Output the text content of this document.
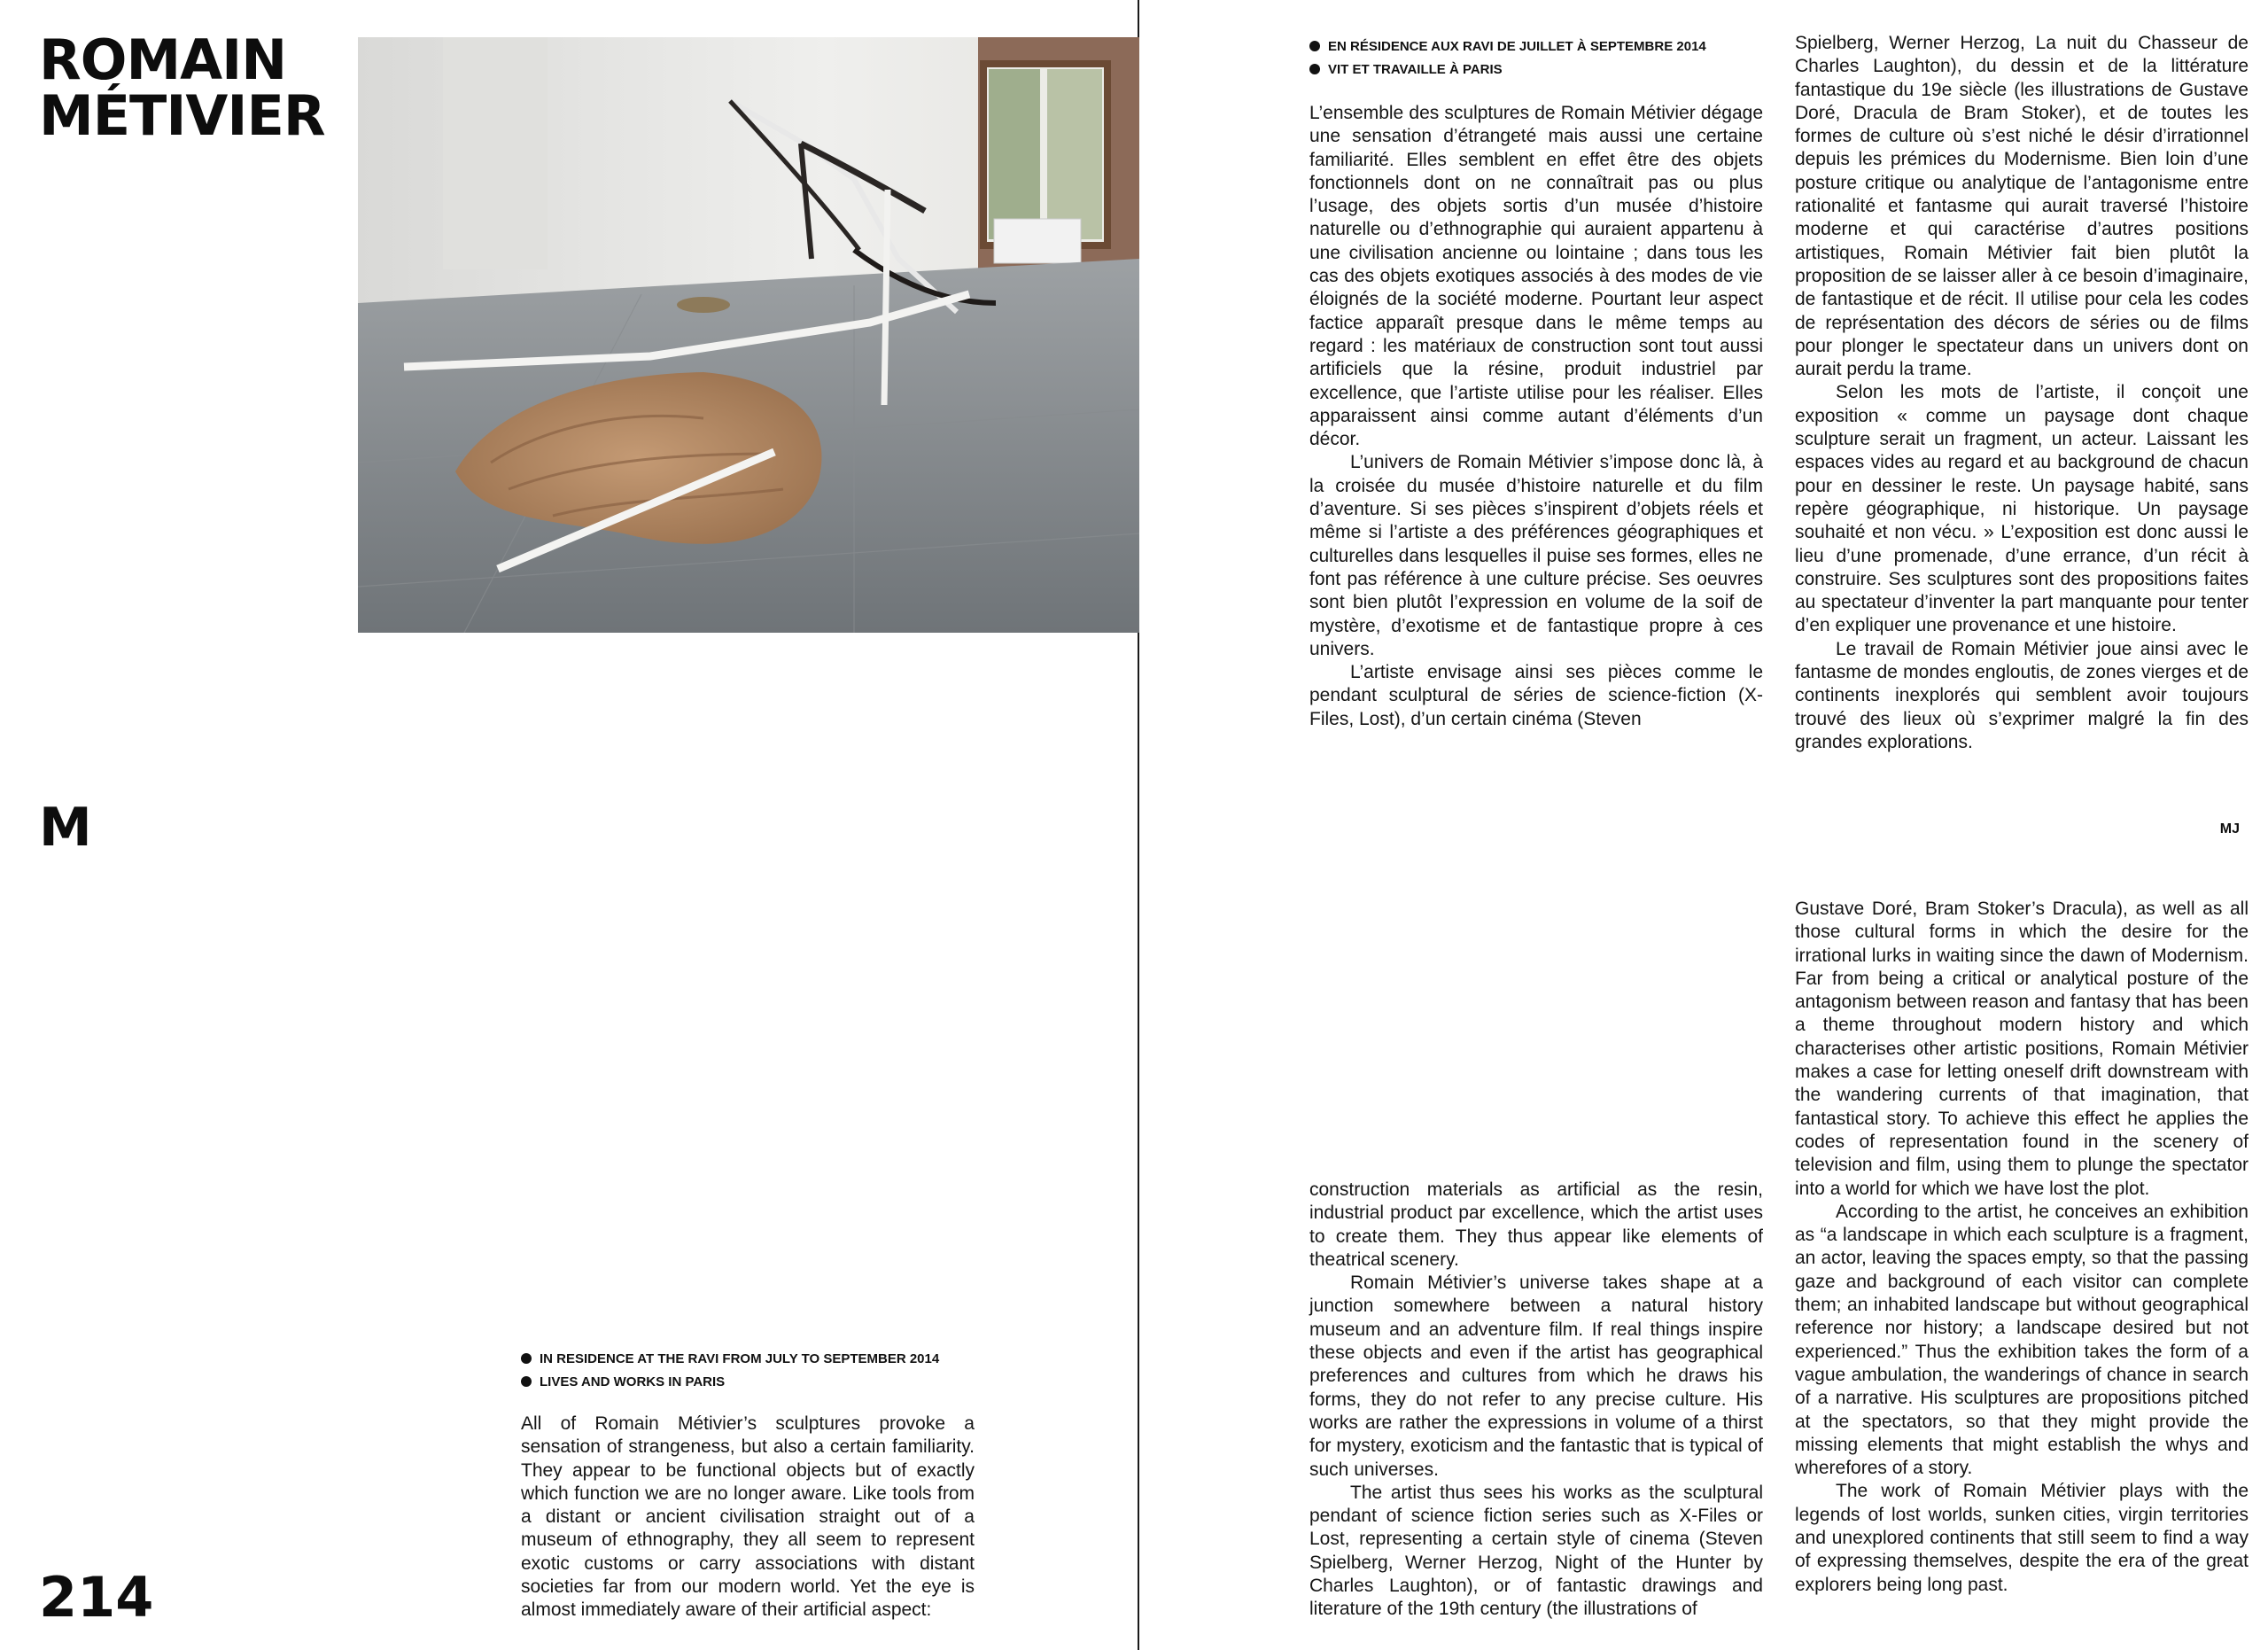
ROMAIN
MÉTIVIER
EN RÉSIDENCE AUX RAVI DE JUILLET À SEPTEMBRE 2014
VIT ET TRAVAILLE À PARIS

L’ensemble des sculptures de Romain Métivier dégage une sensation d’étrangeté mais aussi une certaine familiarité. Elles semblent en effet être des objets fonctionnels dont on ne connaîtrait pas ou plus l’usage, des objets sortis d’un musée d’histoire naturelle ou d’ethnographie qui auraient appartenu à une civilisation ancienne ou lointaine ; dans tous les cas des objets exotiques associés à des modes de vie éloignés de la société moderne. Pourtant leur aspect factice apparaît presque dans le même temps au regard : les matériaux de construction sont tout aussi artificiels que la résine, produit industriel par excellence, que l’artiste utilise pour les réaliser. Elles apparaissent ainsi comme autant d’éléments d’un décor.

L’univers de Romain Métivier s’impose donc là, à la croisée du musée d’histoire naturelle et du film d’aventure. Si ses pièces s’inspirent d’objets réels et même si l’artiste a des préférences géographiques et culturelles dans lesquelles il puise ses formes, elles ne font pas référence à une culture précise. Ses oeuvres sont bien plutôt l’expression en volume de la soif de mystère, d’exotisme et de fantastique propre à ces univers.

L’artiste envisage ainsi ses pièces comme le pendant sculptural de séries de science-fiction (X-Files, Lost), d’un certain cinéma (Steven

Spielberg, Werner Herzog, La nuit du Chasseur de Charles Laughton), du dessin et de la littérature fantastique du 19e siècle (les illustrations de Gustave Doré, Dracula de Bram Stoker), et de toutes les formes de culture où s’est niché le désir d’irrationnel depuis les prémices du Modernisme. Bien loin d’une posture critique ou analytique de l’antagonisme entre rationalité et fantasme qui aurait traversé l’histoire moderne et qui caractérise d’autres positions artistiques, Romain Métivier fait bien plutôt la proposition de se laisser aller à ce besoin d’imaginaire, de fantastique et de récit. Il utilise pour cela les codes de représentation des décors de séries ou de films pour plonger le spectateur dans un univers dont on aurait perdu la trame.

Selon les mots de l’artiste, il conçoit une exposition « comme un paysage dont chaque sculpture serait un fragment, un acteur. Laissant les espaces vides au regard et au background de chacun pour en dessiner le reste. Un paysage habité, sans repère géographique, ni historique. Un paysage souhaité et non vécu. » L’exposition est donc aussi le lieu d’une promenade, d’une errance, d’un récit à construire. Ses sculptures sont des propositions faites au spectateur d’inventer la part manquante pour tenter d’en expliquer une provenance et une histoire.

Le travail de Romain Métivier joue ainsi avec le fantasme de mondes engloutis, de zones vierges et de continents inexplorés qui semblent avoir toujours trouvé des lieux où s’exprimer malgré la fin des grandes explorations.

M	MJ
IN RESIDENCE AT THE RAVI FROM JULY TO SEPTEMBER 2014
LIVES AND WORKS IN PARIS

All of Romain Métivier’s sculptures provoke a sensation of strangeness, but also a certain familiarity. They appear to be functional objects but of exactly which function we are no longer aware. Like tools from a distant or ancient civilisation straight out of a museum of ethnography, they all seem to represent exotic customs or carry associations with distant societies far from our modern world. Yet the eye is almost immediately aware of their artificial aspect:

construction materials as artificial as the resin, industrial product par excellence, which the artist uses to create them. They thus appear like elements of theatrical scenery.

Romain Métivier’s universe takes shape at a junction somewhere between a natural history museum and an adventure film. If real things inspire these objects and even if the artist has geographical preferences and cultures from which he draws his forms, they do not refer to any precise culture. His works are rather the expressions in volume of a thirst for mystery, exoticism and the fantastic that is typical of such universes.

The artist thus sees his works as the sculptural pendant of science fiction series such as X-Files or Lost, representing a certain style of cinema (Steven Spielberg, Werner Herzog, Night of the Hunter by Charles Laughton), or of fantastic drawings and literature of the 19th century (the illustrations of

Gustave Doré, Bram Stoker’s Dracula), as well as all those cultural forms in which the desire for the irrational lurks in waiting since the dawn of Modernism. Far from being a critical or analytical posture of the antagonism between reason and fantasy that has been a theme throughout modern history and which characterises other artistic positions, Romain Métivier makes a case for letting oneself drift downstream with the wandering currents of that imagination, that fantastical story. To achieve this effect he applies the codes of representation found in the scenery of television and film, using them to plunge the spectator into a world for which we have lost the plot.

According to the artist, he conceives an exhibition as “a landscape in which each sculpture is a fragment, an actor, leaving the spaces empty, so that the passing gaze and background of each visitor can complete them; an inhabited landscape but without geographical reference nor history; a landscape desired but not experienced.” Thus the exhibition takes the form of a vague ambulation, the wanderings of chance in search of a narrative. His sculptures are propositions pitched at the spectators, so that they might provide the missing elements that might establish the whys and wherefores of a story.

The work of Romain Métivier plays with the legends of lost worlds, sunken cities, virgin territories and unexplored continents that still seem to find a way of expressing themselves, despite the era of the great explorers being long past.

214
